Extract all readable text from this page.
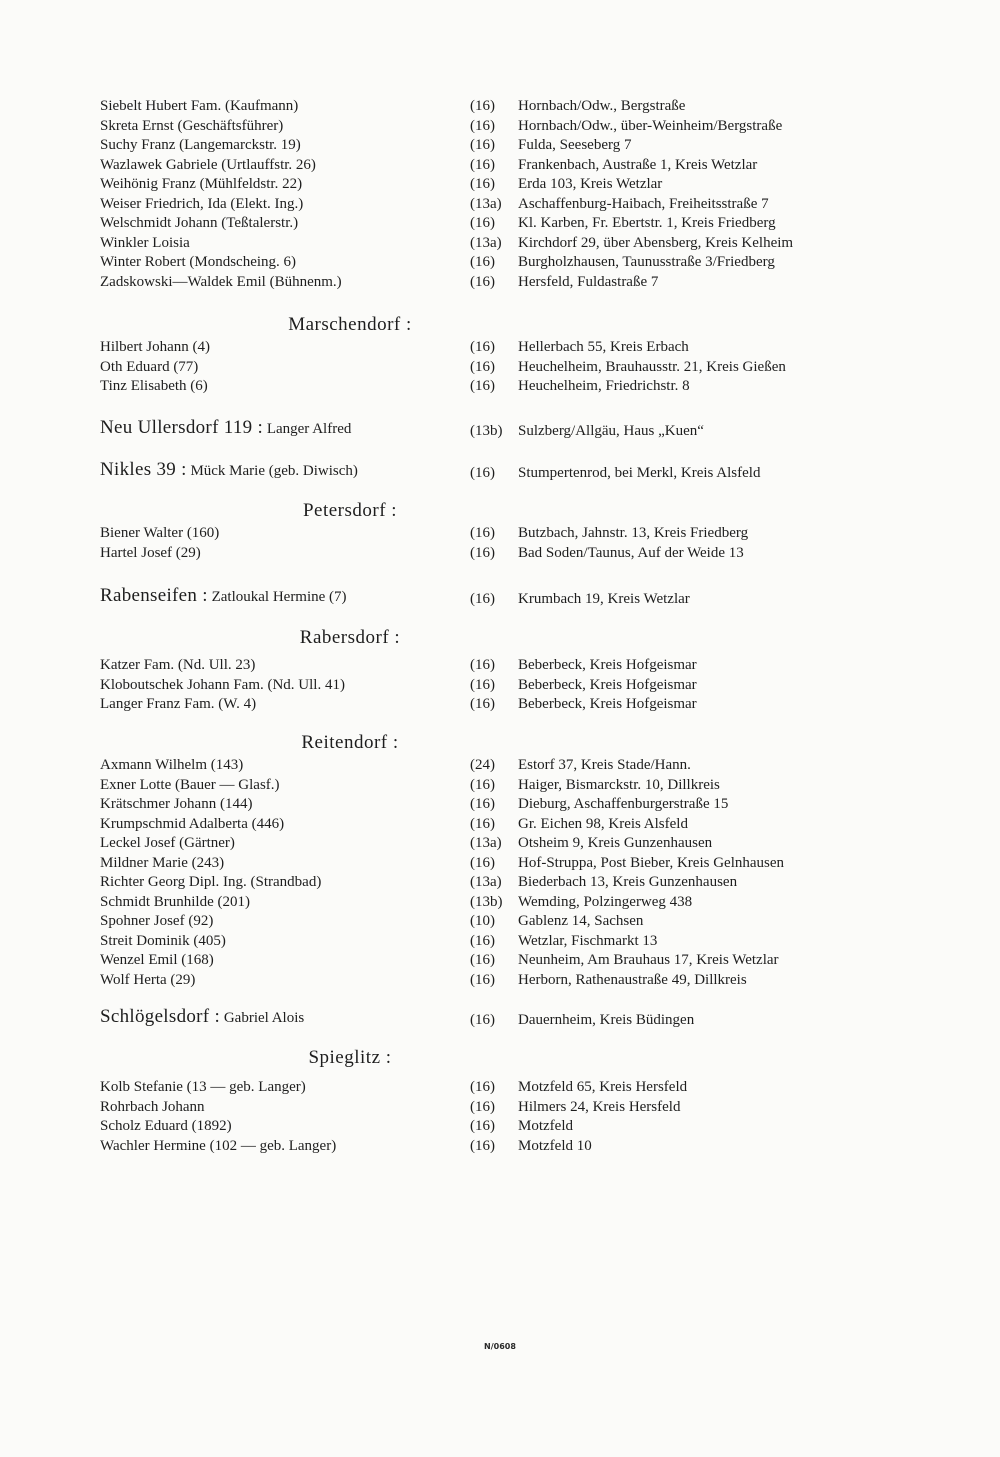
Siebelt Hubert Fam. (Kaufmann)	(16) Hornbach/Odw., Bergstraße
Skreta Ernst (Geschäftsführer)	(16) Hornbach/Odw., über-Weinheim/Bergstraße
Suchy Franz (Langemarckstr. 19)	(16) Fulda, Seeseberg 7
Wazlawek Gabriele (Urtlauffstr. 26)	(16) Frankenbach, Austraße 1, Kreis Wetzlar
Weihönig Franz (Mühlfeldstr. 22)	(16) Erda 103, Kreis Wetzlar
Weiser Friedrich, Ida (Elekt. Ing.)	(13a) Aschaffenburg-Haibach, Freiheitsstraße 7
Welschmidt Johann (Teßtalerstr.)	(16) Kl. Karben, Fr. Ebertstr. 1, Kreis Friedberg
Winkler Loisia	(13a) Kirchdorf 29, über Abensberg, Kreis Kelheim
Winter Robert (Mondscheing. 6)	(16) Burgholzhausen, Taunusstraße 3/Friedberg
Zadskowski—Waldek Emil (Bühnenm.)	(16) Hersfeld, Fuldastraße 7
Marschendorf :
Hilbert Johann (4)	(16) Hellerbach 55, Kreis Erbach
Oth Eduard (77)	(16) Heuchelheim, Brauhausstr. 21, Kreis Gießen
Tinz Elisabeth (6)	(16) Heuchelheim, Friedrichstr. 8
Neu Ullersdorf 119 : Langer Alfred	(13b) Sulzberg/Allgäu, Haus „Kuen“
Nikles 39 : Mück Marie (geb. Diwisch)	(16) Stumpertenrod, bei Merkl, Kreis Alsfeld
Petersdorf :
Biener Walter (160)	(16) Butzbach, Jahnstr. 13, Kreis Friedberg
Hartel Josef (29)	(16) Bad Soden/Taunus, Auf der Weide 13
Rabenseifen : Zatloukal Hermine (7)	(16) Krumbach 19, Kreis Wetzlar
Rabersdorf :
Katzer Fam. (Nd. Ull. 23)	(16) Beberbeck, Kreis Hofgeismar
Kloboutschek Johann Fam. (Nd. Ull. 41)	(16) Beberbeck, Kreis Hofgeismar
Langer Franz Fam. (W. 4)	(16) Beberbeck, Kreis Hofgeismar
Reitendorf :
Axmann Wilhelm (143)	(24) Estorf 37, Kreis Stade/Hann.
Exner Lotte (Bauer — Glasf.)	(16) Haiger, Bismarckstr. 10, Dillkreis
Krätschmer Johann (144)	(16) Dieburg, Aschaffenburgerstraße 15
Krumpschmid Adalberta (446)	(16) Gr. Eichen 98, Kreis Alsfeld
Leckel Josef (Gärtner)	(13a) Otsheim 9, Kreis Gunzenhausen
Mildner Marie (243)	(16) Hof-Struppa, Post Bieber, Kreis Gelnhausen
Richter Georg Dipl. Ing. (Strandbad)	(13a) Biederbach 13, Kreis Gunzenhausen
Schmidt Brunhilde (201)	(13b) Wemding, Polzingerweg 438
Spohner Josef (92)	(10) Gablenz 14, Sachsen
Streit Dominik (405)	(16) Wetzlar, Fischmarkt 13
Wenzel Emil (168)	(16) Neunheim, Am Brauhaus 17, Kreis Wetzlar
Wolf Herta (29)	(16) Herborn, Rathenaustraße 49, Dillkreis
Schlögelsdorf : Gabriel Alois	(16) Dauernheim, Kreis Büdingen
Spieglitz :
Kolb Stefanie (13 — geb. Langer)	(16) Motzfeld 65, Kreis Hersfeld
Rohrbach Johann	(16) Hilmers 24, Kreis Hersfeld
Scholz Eduard (1892)	(16) Motzfeld
Wachler Hermine (102 — geb. Langer)	(16) Motzfeld 10
N/0608
